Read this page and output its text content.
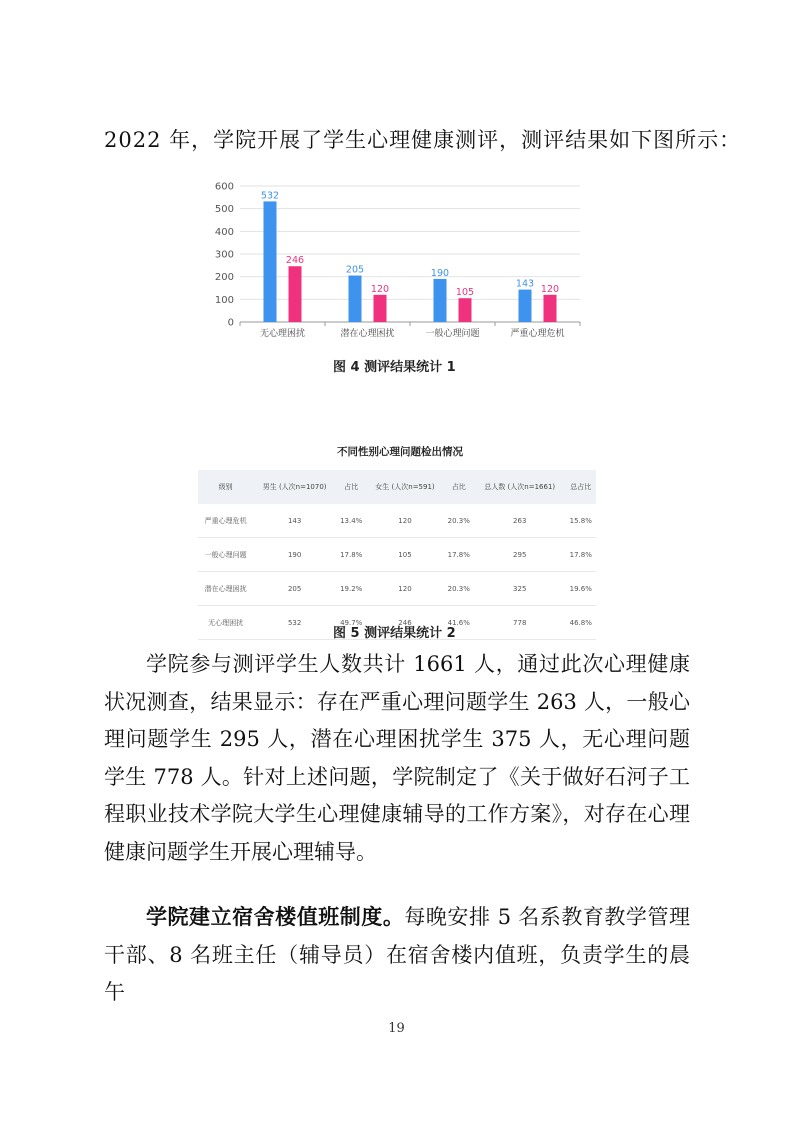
2022 年，学院开展了学生心理健康测评，测评结果如下图所示：
0
100
200
300
400
500
600
无心理困扰
532
246
潜在心理困扰
205
120
一般心理问题
190
105
严重心理危机
143 120
图 4 测评结果统计 1
不同性别心理问题检出情况
级别	男生 (人次n=1070)	占比	女生 (人次n=591)	占比	总人数 (人次n=1661)	总占比
严重心理危机	143	13.4%	120	20.3%	263	15.8%
一般心理问题	190	17.8%	105	17.8%	295	17.8%
潜在心理困扰	205	19.2%	120	20.3%	325	19.6%
无心理困扰	532	49.7%	246	41.6%	778	46.8%
图 5 测评结果统计 2

学院参与测评学生人数共计 1661 人，通过此次心理健康状况测查，结果显示：存在严重心理问题学生 263 人，一般心理问题学生 295 人，潜在心理困扰学生 375 人，无心理问题学生 778 人。针对上述问题，学院制定了《关于做好石河子工程职业技术学院大学生心理健康辅导的工作方案》，对存在心理健康问题学生开展心理辅导。

学院建立宿舍楼值班制度。每晚安排 5 名系教育教学管理干部、8 名班主任（辅导员）在宿舍楼内值班，负责学生的晨午

19
